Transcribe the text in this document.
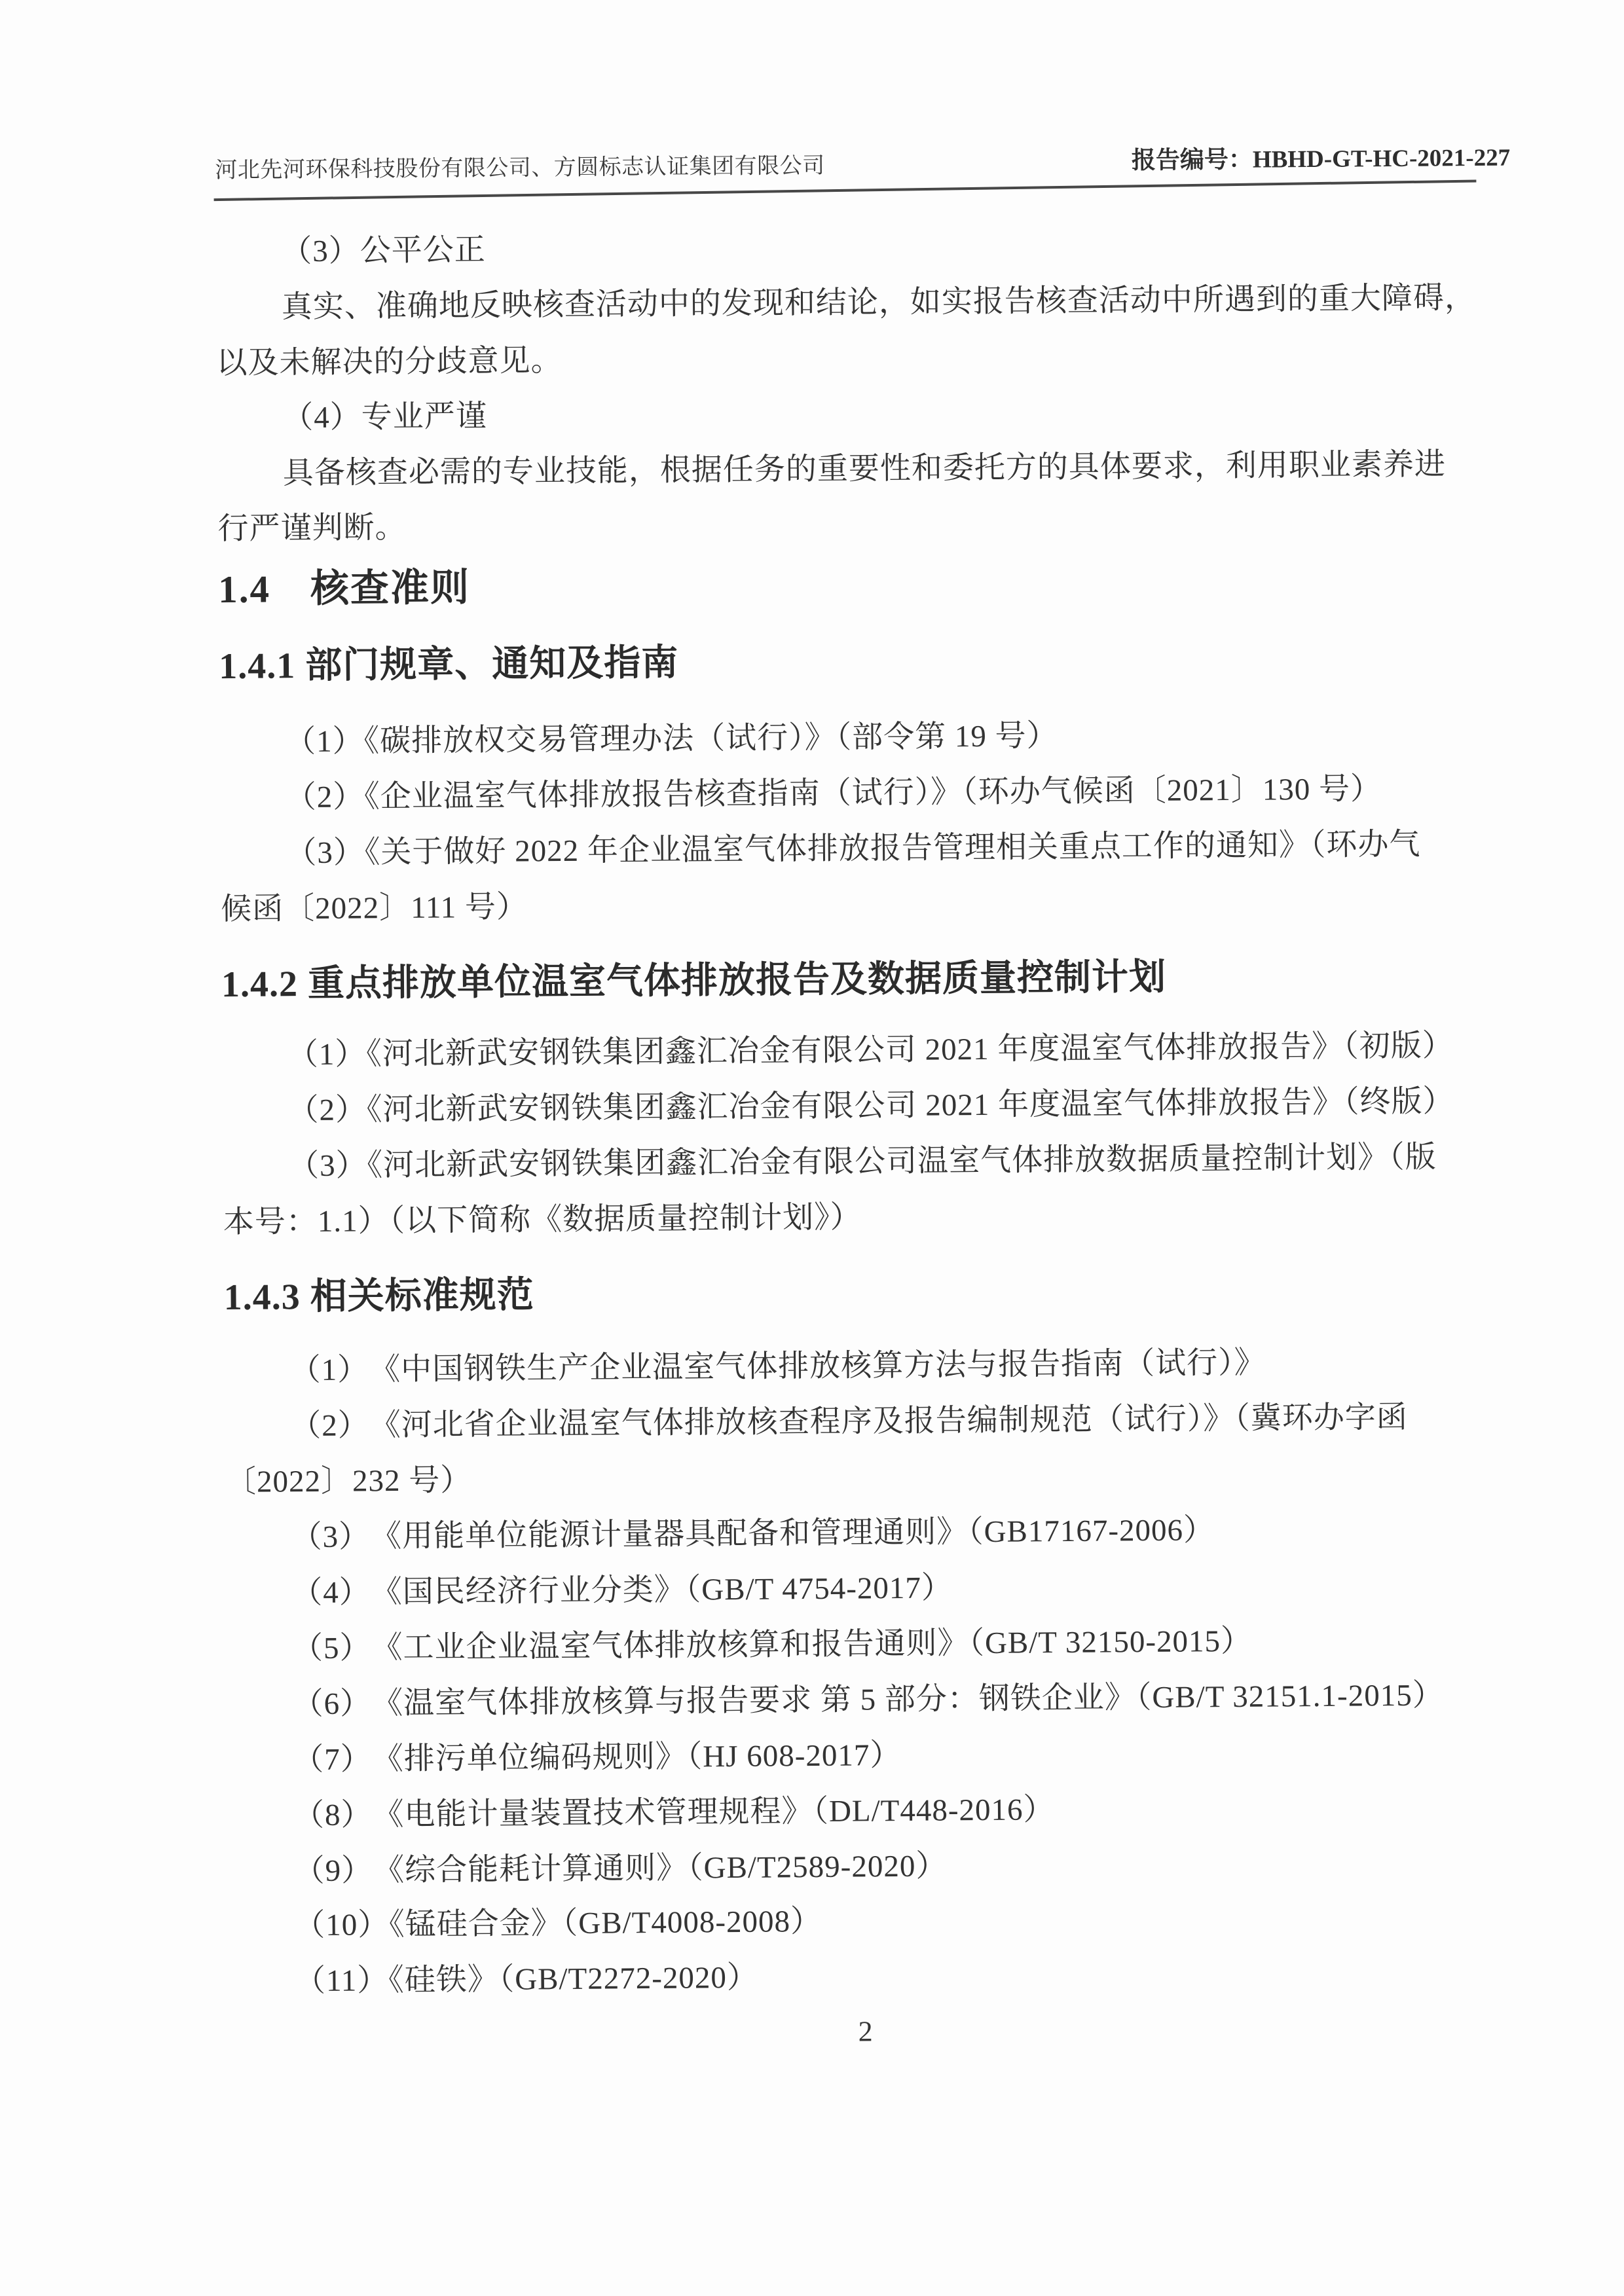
河北先河环保科技股份有限公司、方圆标志认证集团有限公司	报告编号：HBHD-GT-HC-2021-227
（3）公平公正
真实、准确地反映核查活动中的发现和结论，如实报告核查活动中所遇到的重大障碍，
以及未解决的分歧意见。
（4）专业严谨
具备核查必需的专业技能，根据任务的重要性和委托方的具体要求，利用职业素养进
行严谨判断。
1.4　核查准则
1.4.1 部门规章、通知及指南
（1）《碳排放权交易管理办法（试行）》（部令第 19 号）
（2）《企业温室气体排放报告核查指南（试行）》（环办气候函〔2021〕130 号）
（3）《关于做好 2022 年企业温室气体排放报告管理相关重点工作的通知》（环办气
候函〔2022〕111 号）
1.4.2 重点排放单位温室气体排放报告及数据质量控制计划
（1）《河北新武安钢铁集团鑫汇冶金有限公司 2021 年度温室气体排放报告》（初版）
（2）《河北新武安钢铁集团鑫汇冶金有限公司 2021 年度温室气体排放报告》（终版）
（3）《河北新武安钢铁集团鑫汇冶金有限公司温室气体排放数据质量控制计划》（版
本号：1.1）（以下简称《数据质量控制计划》）
1.4.3 相关标准规范
（1）　《中国钢铁生产企业温室气体排放核算方法与报告指南（试行）》
（2）　《河北省企业温室气体排放核查程序及报告编制规范（试行）》（冀环办字函
〔2022〕232 号）
（3）　《用能单位能源计量器具配备和管理通则》（GB17167-2006）
（4）　《国民经济行业分类》（GB/T 4754-2017）
（5）　《工业企业温室气体排放核算和报告通则》（GB/T 32150-2015）
（6）　《温室气体排放核算与报告要求 第 5 部分：钢铁企业》（GB/T 32151.1-2015）
（7）　《排污单位编码规则》（HJ 608-2017）
（8）　《电能计量装置技术管理规程》（DL/T448-2016）
（9）　《综合能耗计算通则》（GB/T2589-2020）
（10）《锰硅合金》（GB/T4008-2008）
（11）《硅铁》（GB/T2272-2020）
2
